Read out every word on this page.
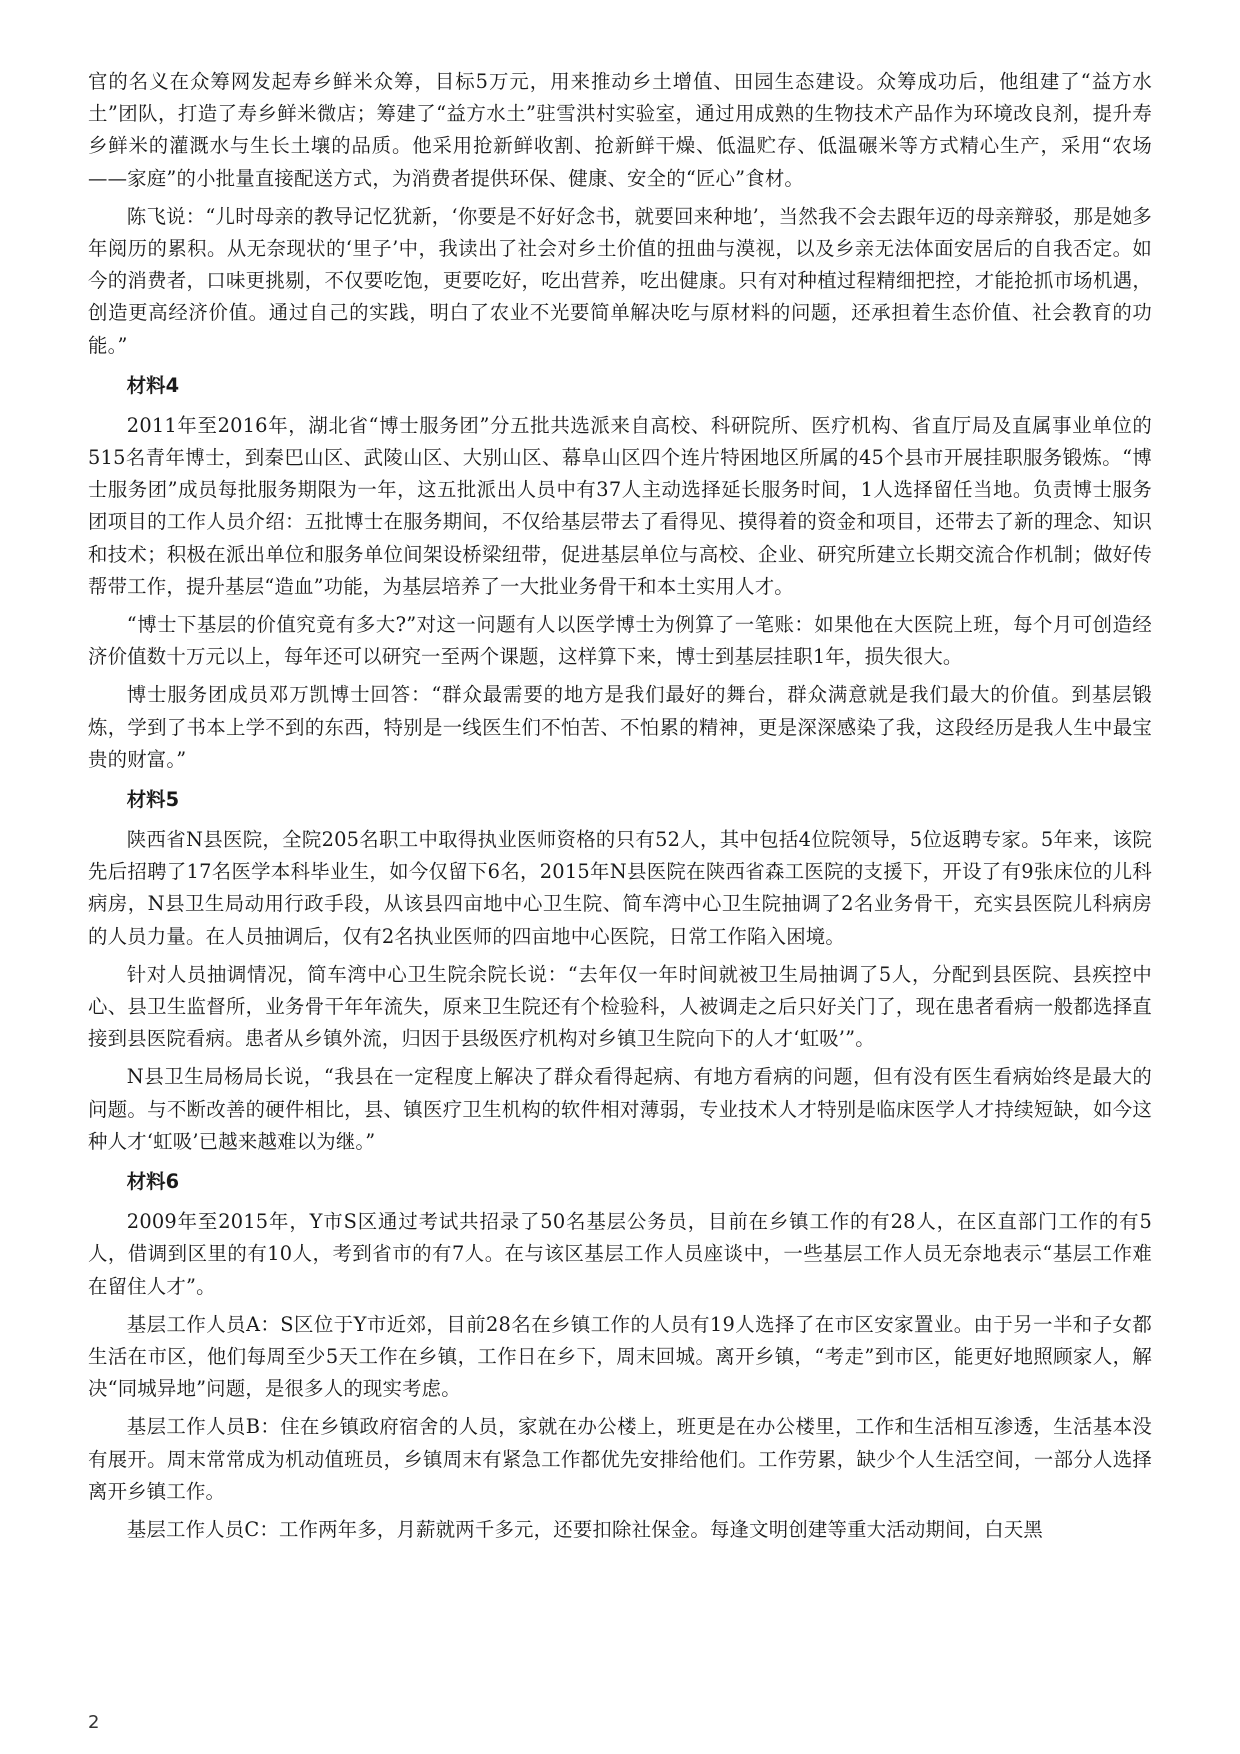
官的名义在众筹网发起寿乡鲜米众筹，目标5万元，用来推动乡土增值、田园生态建设。众筹成功后，他组建了“益方水土”团队，打造了寿乡鲜米微店；筹建了“益方水土”驻雪洪村实验室，通过用成熟的生物技术产品作为环境改良剂，提升寿乡鲜米的灌溉水与生长土壤的品质。他采用抢新鲜收割、抢新鲜干燥、低温贮存、低温碾米等方式精心生产，采用“农场——家庭”的小批量直接配送方式，为消费者提供环保、健康、安全的“匠心”食材。

陈飞说：“儿时母亲的教导记忆犹新，‘你要是不好好念书，就要回来种地’，当然我不会去跟年迈的母亲辩驳，那是她多年阅历的累积。从无奈现状的‘里子’中，我读出了社会对乡土价值的扭曲与漠视，以及乡亲无法体面安居后的自我否定。如今的消费者，口味更挑剔，不仅要吃饱，更要吃好，吃出营养，吃出健康。只有对种植过程精细把控，才能抢抓市场机遇，创造更高经济价值。通过自己的实践，明白了农业不光要简单解决吃与原材料的问题，还承担着生态价值、社会教育的功能。”

材料4

2011年至2016年，湖北省“博士服务团”分五批共选派来自高校、科研院所、医疗机构、省直厅局及直属事业单位的515名青年博士，到秦巴山区、武陵山区、大别山区、幕阜山区四个连片特困地区所属的45个县市开展挂职服务锻炼。“博士服务团”成员每批服务期限为一年，这五批派出人员中有37人主动选择延长服务时间，1人选择留任当地。负责博士服务团项目的工作人员介绍：五批博士在服务期间，不仅给基层带去了看得见、摸得着的资金和项目，还带去了新的理念、知识和技术；积极在派出单位和服务单位间架设桥梁纽带，促进基层单位与高校、企业、研究所建立长期交流合作机制；做好传帮带工作，提升基层“造血”功能，为基层培养了一大批业务骨干和本土实用人才。

“博士下基层的价值究竟有多大?”对这一问题有人以医学博士为例算了一笔账：如果他在大医院上班，每个月可创造经济价值数十万元以上，每年还可以研究一至两个课题，这样算下来，博士到基层挂职1年，损失很大。

博士服务团成员邓万凯博士回答：“群众最需要的地方是我们最好的舞台，群众满意就是我们最大的价值。到基层锻炼，学到了书本上学不到的东西，特别是一线医生们不怕苦、不怕累的精神，更是深深感染了我，这段经历是我人生中最宝贵的财富。”

材料5

陕西省N县医院，全院205名职工中取得执业医师资格的只有52人，其中包括4位院领导，5位返聘专家。5年来，该院先后招聘了17名医学本科毕业生，如今仅留下6名，2015年N县医院在陕西省森工医院的支援下，开设了有9张床位的儿科病房，N县卫生局动用行政手段，从该县四亩地中心卫生院、简车湾中心卫生院抽调了2名业务骨干，充实县医院儿科病房的人员力量。在人员抽调后，仅有2名执业医师的四亩地中心医院，日常工作陷入困境。

针对人员抽调情况，简车湾中心卫生院余院长说：“去年仅一年时间就被卫生局抽调了5人，分配到县医院、县疾控中心、县卫生监督所，业务骨干年年流失，原来卫生院还有个检验科，人被调走之后只好关门了，现在患者看病一般都选择直接到县医院看病。患者从乡镇外流，归因于县级医疗机构对乡镇卫生院向下的人才‘虹吸’”。

N县卫生局杨局长说，“我县在一定程度上解决了群众看得起病、有地方看病的问题，但有没有医生看病始终是最大的问题。与不断改善的硬件相比，县、镇医疗卫生机构的软件相对薄弱，专业技术人才特别是临床医学人才持续短缺，如今这种人才‘虹吸’已越来越难以为继。”

材料6

2009年至2015年，Y市S区通过考试共招录了50名基层公务员，目前在乡镇工作的有28人，在区直部门工作的有5人，借调到区里的有10人，考到省市的有7人。在与该区基层工作人员座谈中，一些基层工作人员无奈地表示“基层工作难在留住人才”。

基层工作人员A：S区位于Y市近郊，目前28名在乡镇工作的人员有19人选择了在市区安家置业。由于另一半和子女都生活在市区，他们每周至少5天工作在乡镇，工作日在乡下，周末回城。离开乡镇，“考走”到市区，能更好地照顾家人，解决“同城异地”问题，是很多人的现实考虑。

基层工作人员B：住在乡镇政府宿舍的人员，家就在办公楼上，班更是在办公楼里，工作和生活相互渗透，生活基本没有展开。周末常常成为机动值班员，乡镇周末有紧急工作都优先安排给他们。工作劳累，缺少个人生活空间，一部分人选择离开乡镇工作。

基层工作人员C：工作两年多，月薪就两千多元，还要扣除社保金。每逢文明创建等重大活动期间，白天黑

2
